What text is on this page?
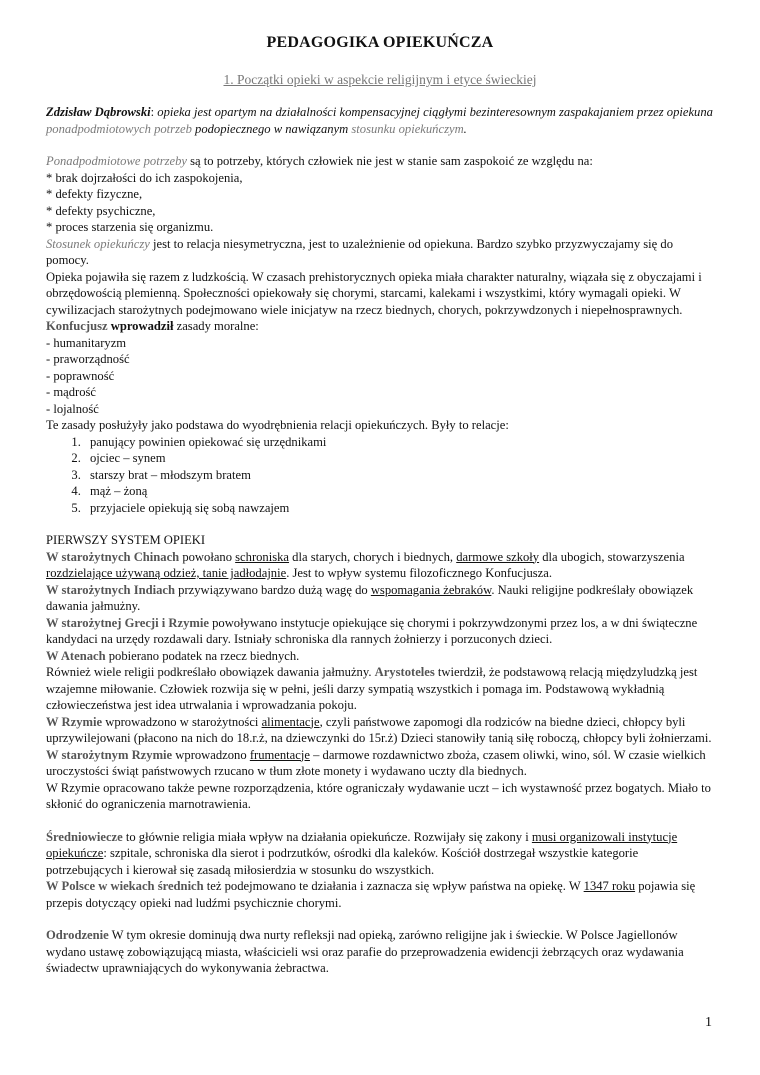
PEDAGOGIKA OPIEKUŃCZA
1. Początki opieki w aspekcie religijnym i etyce świeckiej

Zdzisław Dąbrowski: opieka jest opartym na działalności kompensacyjnej ciągłymi bezinteresownym zaspakajaniem przez opiekuna ponadpodmiotowych potrzeb podopiecznego w nawiązanym stosunku opiekuńczym.

Ponadpodmiotowe potrzeby są to potrzeby, których człowiek nie jest w stanie sam zaspokoić ze względu na:

* brak dojrzałości do ich zaspokojenia,
* defekty fizyczne,
* defekty psychiczne,
* proces starzenia się organizmu.

Stosunek opiekuńczy jest to relacja niesymetryczna, jest to uzależnienie od opiekuna. Bardzo szybko przyzwyczajamy się do pomocy.

Opieka pojawiła się razem z ludzkością. W czasach prehistorycznych opieka miała charakter naturalny, wiązała się z obyczajami i obrzędowością plemienną. Społeczności opiekowały się chorymi, starcami, kalekami i wszystkimi, który wymagali opieki. W cywilizacjach starożytnych podejmowano wiele inicjatyw na rzecz biednych, chorych, pokrzywdzonych i niepełnosprawnych.

Konfucjusz wprowadził zasady moralne:

- humanitaryzm
- praworządność
- poprawność
- mądrość
- lojalność

Te zasady posłużyły jako podstawa do wyodrębnienia relacji opiekuńczych. Były to relacje:

1. panujący powinien opiekować się urzędnikami
2. ojciec – synem
3. starszy brat – młodszym bratem
4. mąż – żoną
5. przyjaciele opiekują się sobą nawzajem

PIERWSZY SYSTEM OPIEKI

W starożytnych Chinach powołano schroniska dla starych, chorych i biednych, darmowe szkoły dla ubogich, stowarzyszenia rozdzielające używaną odzież, tanie jadłodajnie. Jest to wpływ systemu filozoficznego Konfucjusza.

W starożytnych Indiach przywiązywano bardzo dużą wagę do wspomagania żebraków. Nauki religijne podkreślały obowiązek dawania jałmużny.

W starożytnej Grecji i Rzymie powoływano instytucje opiekujące się chorymi i pokrzywdzonymi przez los, a w dni świąteczne kandydaci na urzędy rozdawali dary. Istniały schroniska dla rannych żołnierzy i porzuconych dzieci.

W Atenach pobierano podatek na rzecz biednych.

Również wiele religii podkreślało obowiązek dawania jałmużny. Arystoteles twierdził, że podstawową relacją międzyludzką jest wzajemne miłowanie. Człowiek rozwija się w pełni, jeśli darzy sympatią wszystkich i pomaga im. Podstawową wykładnią człowieczeństwa jest idea utrwalania i wprowadzania pokoju.

W Rzymie wprowadzono w starożytności alimentacje, czyli państwowe zapomogi dla rodziców na biedne dzieci, chłopcy byli uprzywilejowani (płacono na nich do 18.r.ż, na dziewczynki do 15r.ż) Dzieci stanowiły tanią siłę roboczą, chłopcy byli żołnierzami.

W starożytnym Rzymie wprowadzono frumentacje – darmowe rozdawnictwo zboża, czasem oliwki, wino, sól. W czasie wielkich uroczystości świąt państwowych rzucano w tłum złote monety i wydawano uczty dla biednych.

W Rzymie opracowano także pewne rozporządzenia, które ograniczały wydawanie uczt – ich wystawność przez bogatych. Miało to skłonić do ograniczenia marnotrawienia.

Średniowiecze to głównie religia miała wpływ na działania opiekuńcze. Rozwijały się zakony i musi organizowali instytucje opiekuńcze: szpitale, schroniska dla sierot i podrzutków, ośrodki dla kaleków. Kościół dostrzegał wszystkie kategorie potrzebujących i kierował się zasadą miłosierdzia w stosunku do wszystkich.

W Polsce w wiekach średnich też podejmowano te działania i zaznacza się wpływ państwa na opiekę. W 1347 roku pojawia się przepis dotyczący opieki nad ludźmi psychicznie chorymi.

Odrodzenie W tym okresie dominują dwa nurty refleksji nad opieką, zarówno religijne jak i świeckie. W Polsce Jagiellonów wydano ustawę zobowiązującą miasta, właścicieli wsi oraz parafie do przeprowadzenia ewidencji żebrzących oraz wydawania świadectw uprawniających do wykonywania żebractwa.

1
